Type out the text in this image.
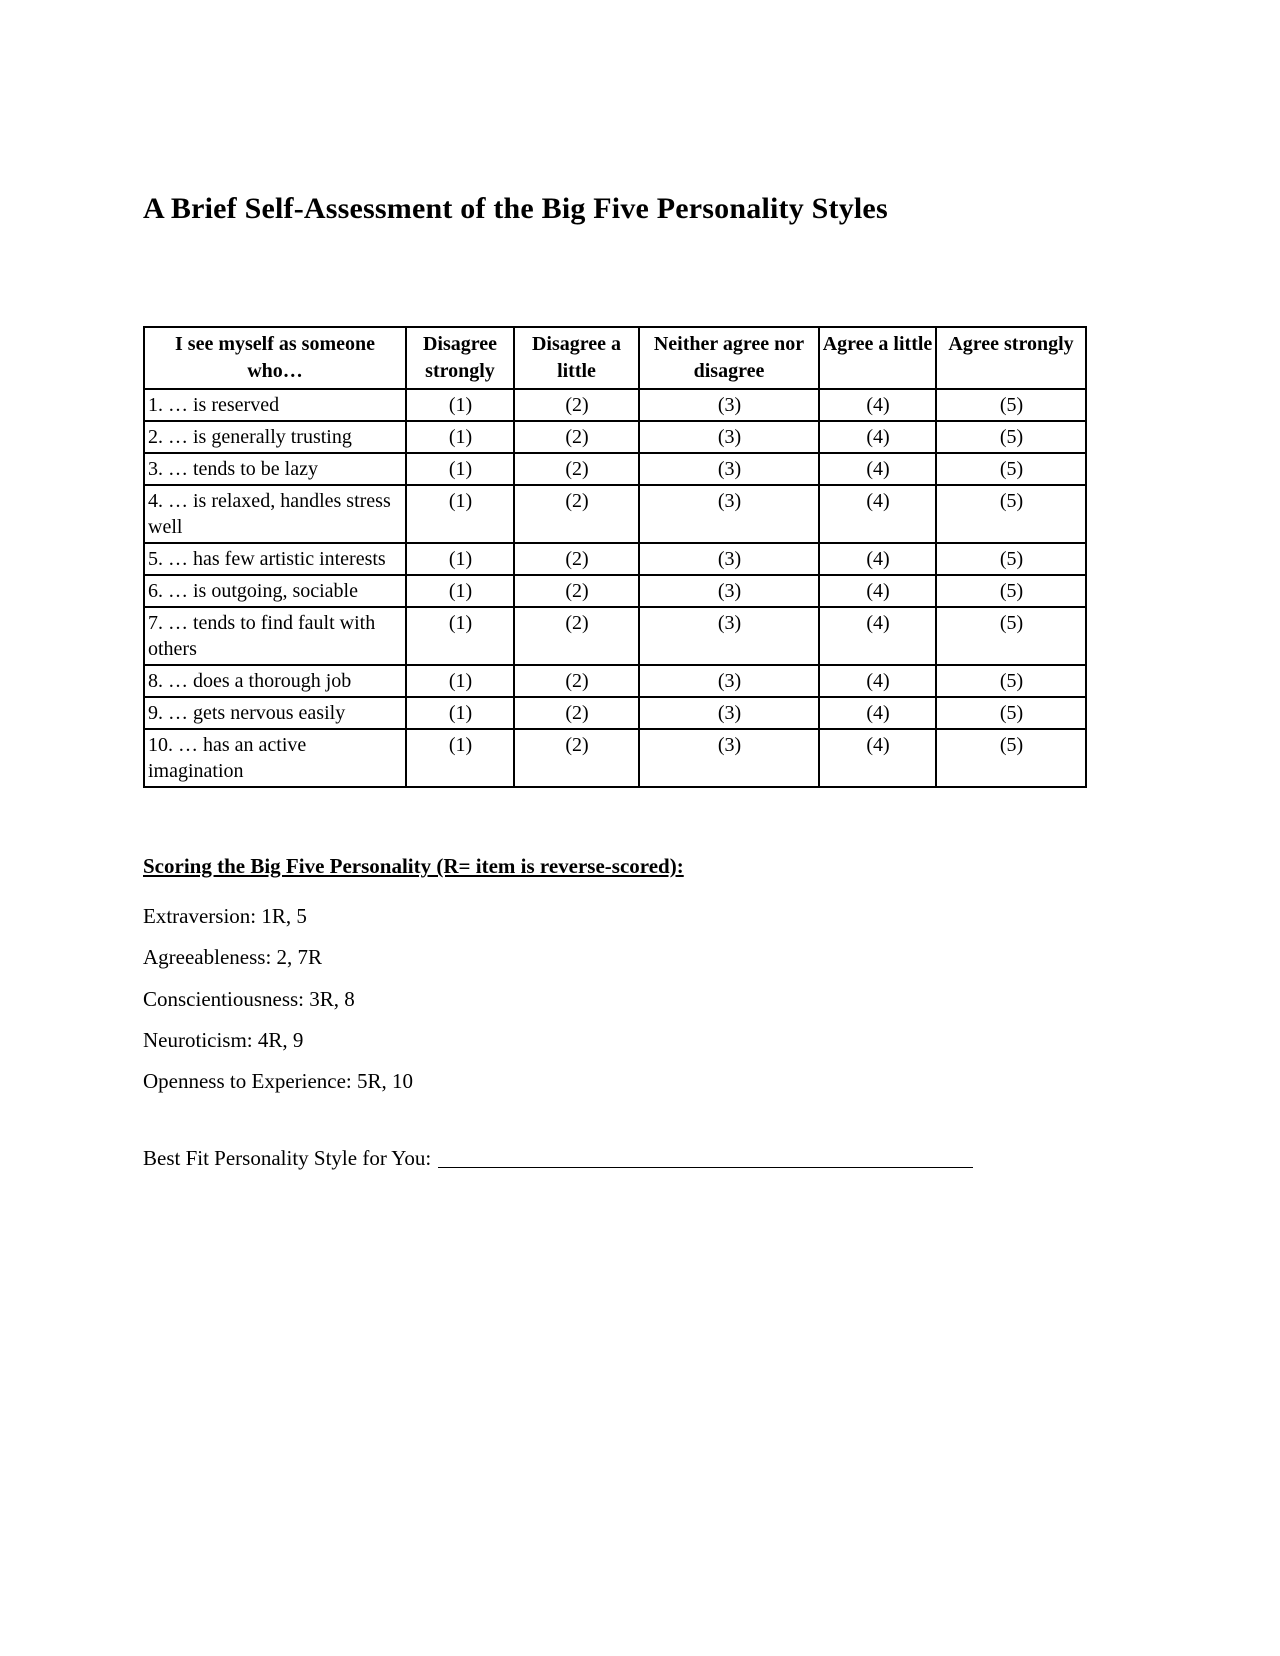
A Brief Self-Assessment of the Big Five Personality Styles
I see myself as someone who…	Disagree strongly	Disagree a little	Neither agree nor disagree	Agree a little	Agree strongly
1. … is reserved	(1)	(2)	(3)	(4)	(5)
2. … is generally trusting	(1)	(2)	(3)	(4)	(5)
3. … tends to be lazy	(1)	(2)	(3)	(4)	(5)
4. … is relaxed, handles stress well	(1)	(2)	(3)	(4)	(5)
5. … has few artistic interests	(1)	(2)	(3)	(4)	(5)
6. … is outgoing, sociable	(1)	(2)	(3)	(4)	(5)
7. … tends to find fault with others	(1)	(2)	(3)	(4)	(5)
8. … does a thorough job	(1)	(2)	(3)	(4)	(5)
9. … gets nervous easily	(1)	(2)	(3)	(4)	(5)
10. … has an active imagination	(1)	(2)	(3)	(4)	(5)
Scoring the Big Five Personality (R= item is reverse-scored):

Extraversion: 1R, 5

Agreeableness: 2, 7R

Conscientiousness: 3R, 8

Neuroticism: 4R, 9

Openness to Experience: 5R, 10

Best Fit Personality Style for You:
